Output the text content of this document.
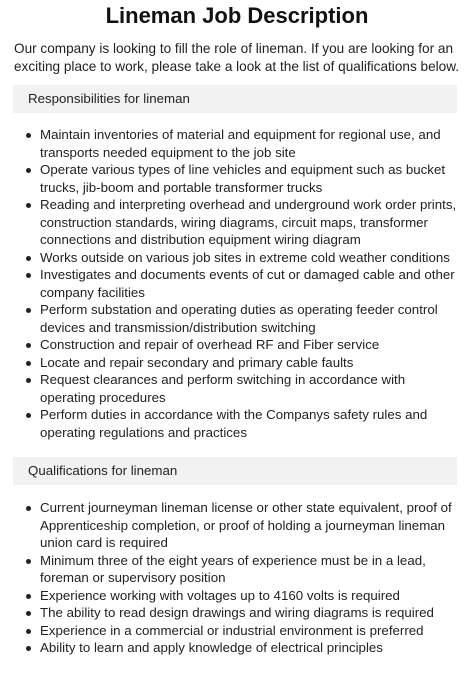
Lineman Job Description

Our company is looking to fill the role of lineman. If you are looking for an exciting place to work, please take a look at the list of qualifications below.

Responsibilities for lineman
Maintain inventories of material and equipment for regional use, and transports needed equipment to the job site
Operate various types of line vehicles and equipment such as bucket trucks, jib-boom and portable transformer trucks
Reading and interpreting overhead and underground work order prints, construction standards, wiring diagrams, circuit maps, transformer connections and distribution equipment wiring diagram
Works outside on various job sites in extreme cold weather conditions
Investigates and documents events of cut or damaged cable and other company facilities
Perform substation and operating duties as operating feeder control devices and transmission/distribution switching
Construction and repair of overhead RF and Fiber service
Locate and repair secondary and primary cable faults
Request clearances and perform switching in accordance with operating procedures
Perform duties in accordance with the Companys safety rules and operating regulations and practices
Qualifications for lineman
Current journeyman lineman license or other state equivalent, proof of Apprenticeship completion, or proof of holding a journeyman lineman union card is required
Minimum three of the eight years of experience must be in a lead, foreman or supervisory position
Experience working with voltages up to 4160 volts is required
The ability to read design drawings and wiring diagrams is required
Experience in a commercial or industrial environment is preferred
Ability to learn and apply knowledge of electrical principles
